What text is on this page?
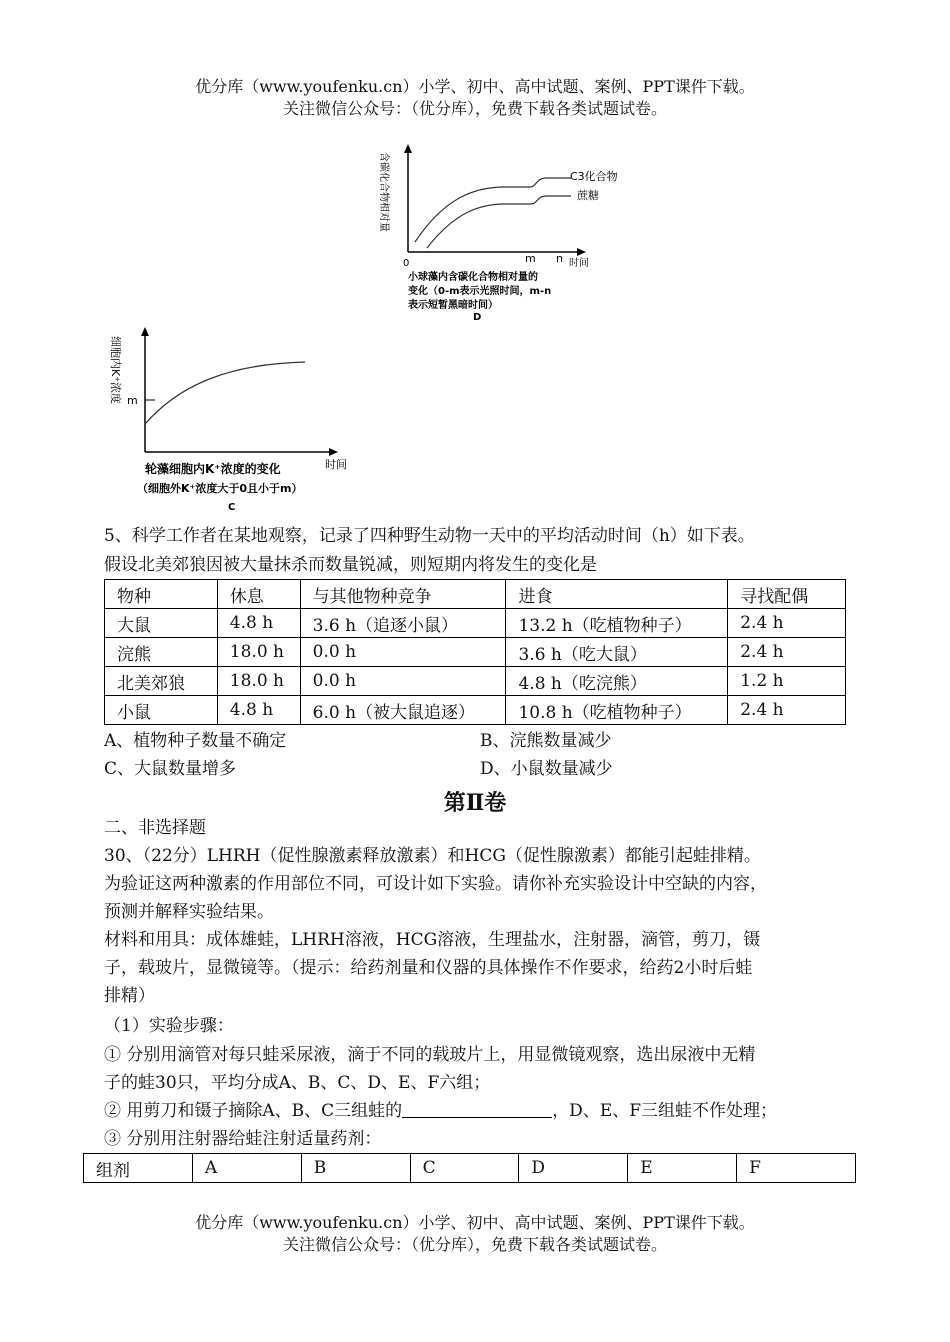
优分库（www.youfenku.cn）小学、初中、高中试题、案例、PPT课件下载。
关注微信公众号：（优分库），免费下载各类试题试卷。
含碳化合物相对量	C3化合物
蔗糖
0	m n 时间
小球藻内含碳化合物相对量的
变化（0-m表示光照时间，m-n
表示短暂黑暗时间）
D
细胞内K⁺浓度 m
时间
轮藻细胞内K⁺浓度的变化
（细胞外K⁺浓度大于0且小于m）
C
5、科学工作者在某地观察，记录了四种野生动物一天中的平均活动时间（h）如下表。
假设北美郊狼因被大量抹杀而数量锐减，则短期内将发生的变化是
物种	休息	与其他物种竞争	进食	寻找配偶
大鼠	4.8 h	3.6 h（追逐小鼠）	13.2 h（吃植物种子）	2.4 h
浣熊	18.0 h	0.0 h	3.6 h（吃大鼠）	2.4 h
北美郊狼	18.0 h	0.0 h	4.8 h（吃浣熊）	1.2 h
小鼠	4.8 h	6.0 h（被大鼠追逐）	10.8 h（吃植物种子）	2.4 h
A、植物种子数量不确定	B、浣熊数量减少
C、大鼠数量增多	D、小鼠数量减少
第Ⅱ卷
二、非选择题
30、（22分）LHRH（促性腺激素释放激素）和HCG（促性腺激素）都能引起蛙排精。
为验证这两种激素的作用部位不同，可设计如下实验。请你补充实验设计中空缺的内容，
预测并解释实验结果。
材料和用具：成体雄蛙，LHRH溶液，HCG溶液，生理盐水，注射器，滴管，剪刀，镊
子，载玻片，显微镜等。（提示：给药剂量和仪器的具体操作不作要求，给药2小时后蛙
排精）
（1）实验步骤：
① 分别用滴管对每只蛙采尿液，滴于不同的载玻片上，用显微镜观察，选出尿液中无精
子的蛙30只，平均分成A、B、C、D、E、F六组；
② 用剪刀和镊子摘除A、B、C三组蛙的	，D、E、F三组蛙不作处理；
③ 分别用注射器给蛙注射适量药剂：
组剂	A	B	C	D	E	F
优分库（www.youfenku.cn）小学、初中、高中试题、案例、PPT课件下载。
关注微信公众号：（优分库），免费下载各类试题试卷。
